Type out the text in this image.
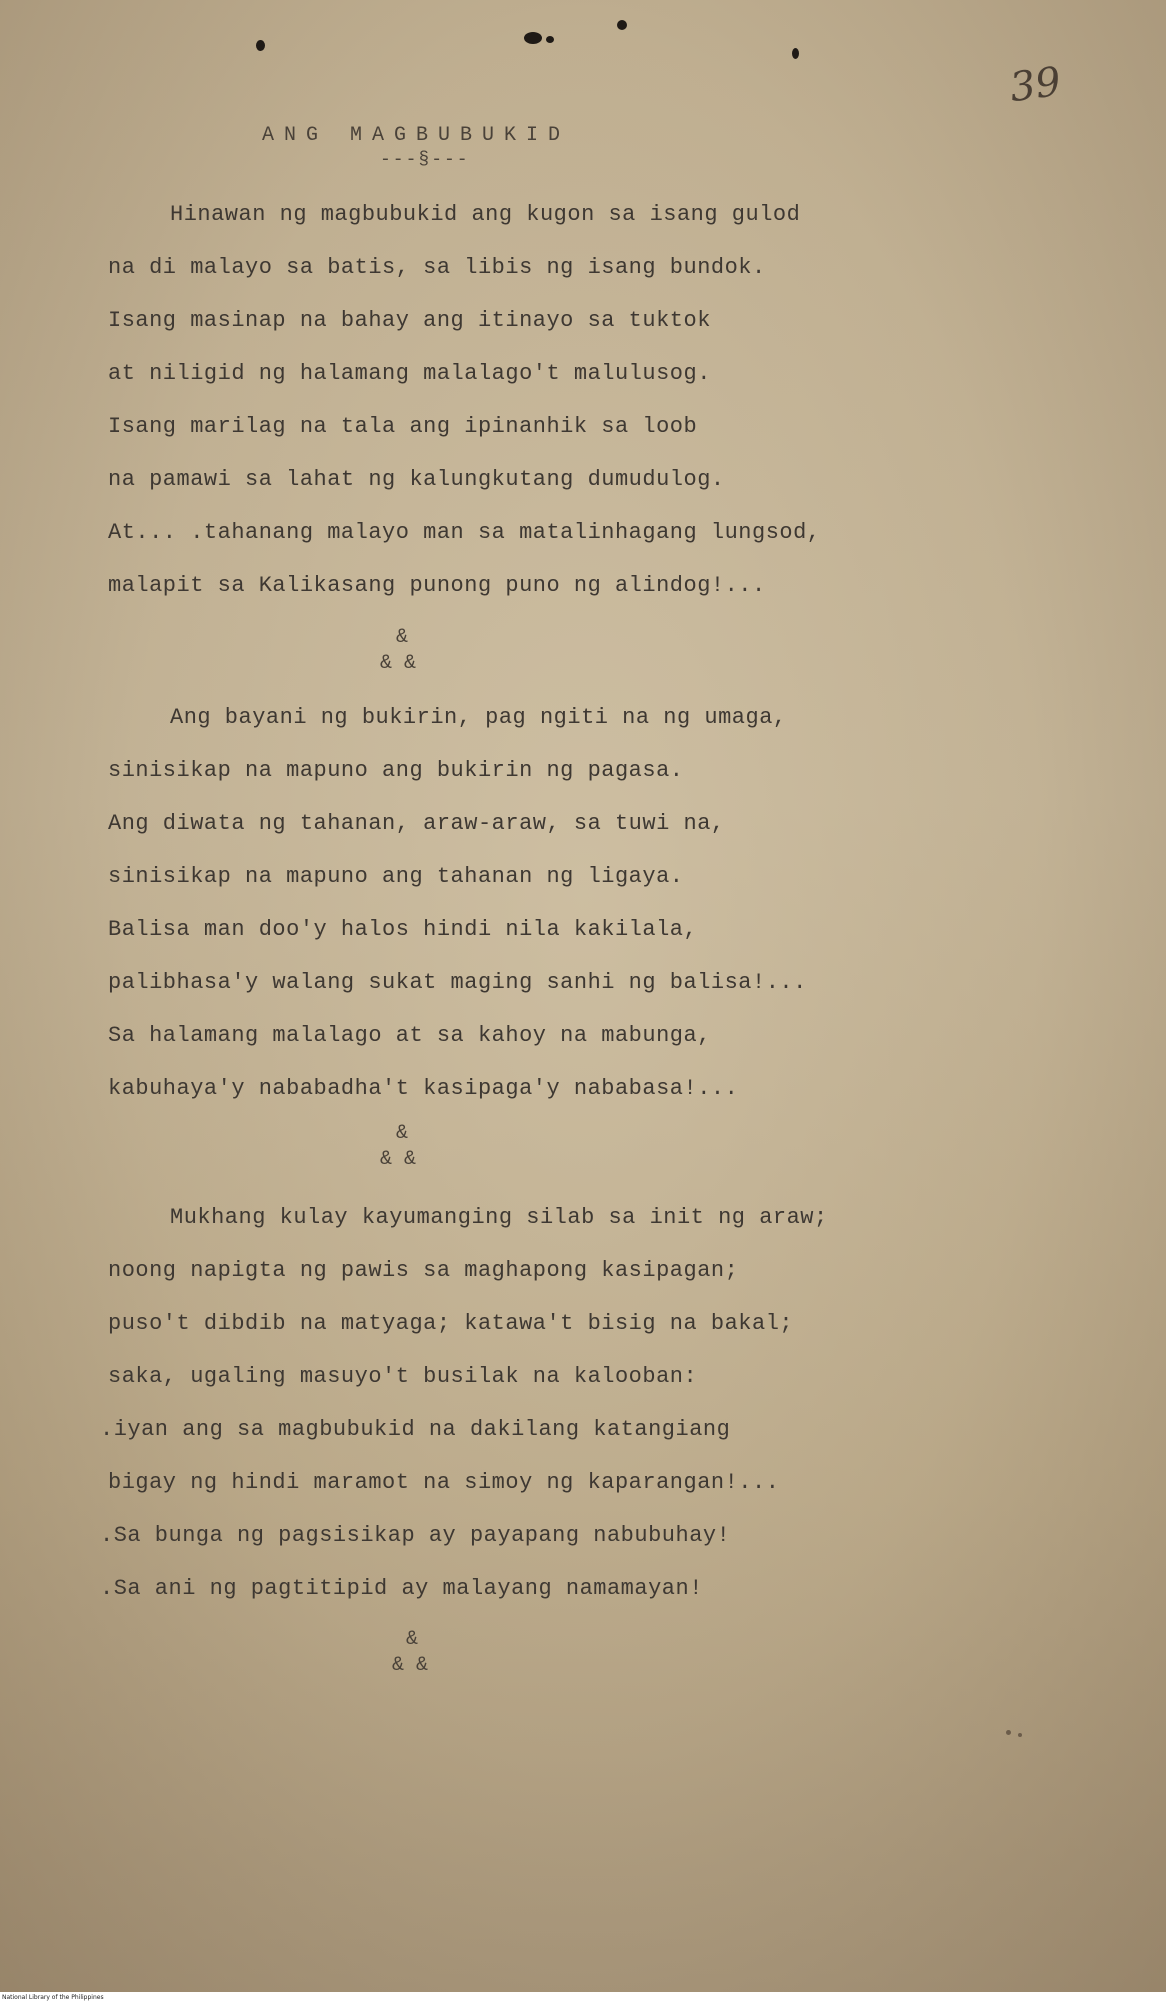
39
ANG MAGBUBUKID
---§---
Hinawan ng magbubukid ang kugon sa isang gulod
na di malayo sa batis, sa libis ng isang bundok.
Isang masinap na bahay ang itinayo sa tuktok
at niligid ng halamang malalago't malulusog.
Isang marilag na tala ang ipinanhik sa loob
na pamawi sa lahat ng kalungkutang dumudulog.
At... .tahanang malayo man sa matalinhagang lungsod,
malapit sa Kalikasang punong puno ng alindog!...
&
& &
Ang bayani ng bukirin, pag ngiti na ng umaga,
sinisikap na mapuno ang bukirin ng pagasa.
Ang diwata ng tahanan, araw-araw, sa tuwi na,
sinisikap na mapuno ang tahanan ng ligaya.
Balisa man doo'y halos hindi nila kakilala,
palibhasa'y walang sukat maging sanhi ng balisa!...
Sa halamang malalago at sa kahoy na mabunga,
kabuhaya'y nababadha't kasipaga'y nababasa!...
&
& &
Mukhang kulay kayumanging silab sa init ng araw;
noong napigta ng pawis sa maghapong kasipagan;
puso't dibdib na matyaga; katawa't bisig na bakal;
saka, ugaling masuyo't busilak na kalooban:
.iyan ang sa magbubukid na dakilang katangiang
bigay ng hindi maramot na simoy ng kaparangan!...
.Sa bunga ng pagsisikap ay payapang nabubuhay!
.Sa ani ng pagtitipid ay malayang namamayan!
&
& &
National Library of the Philippines
